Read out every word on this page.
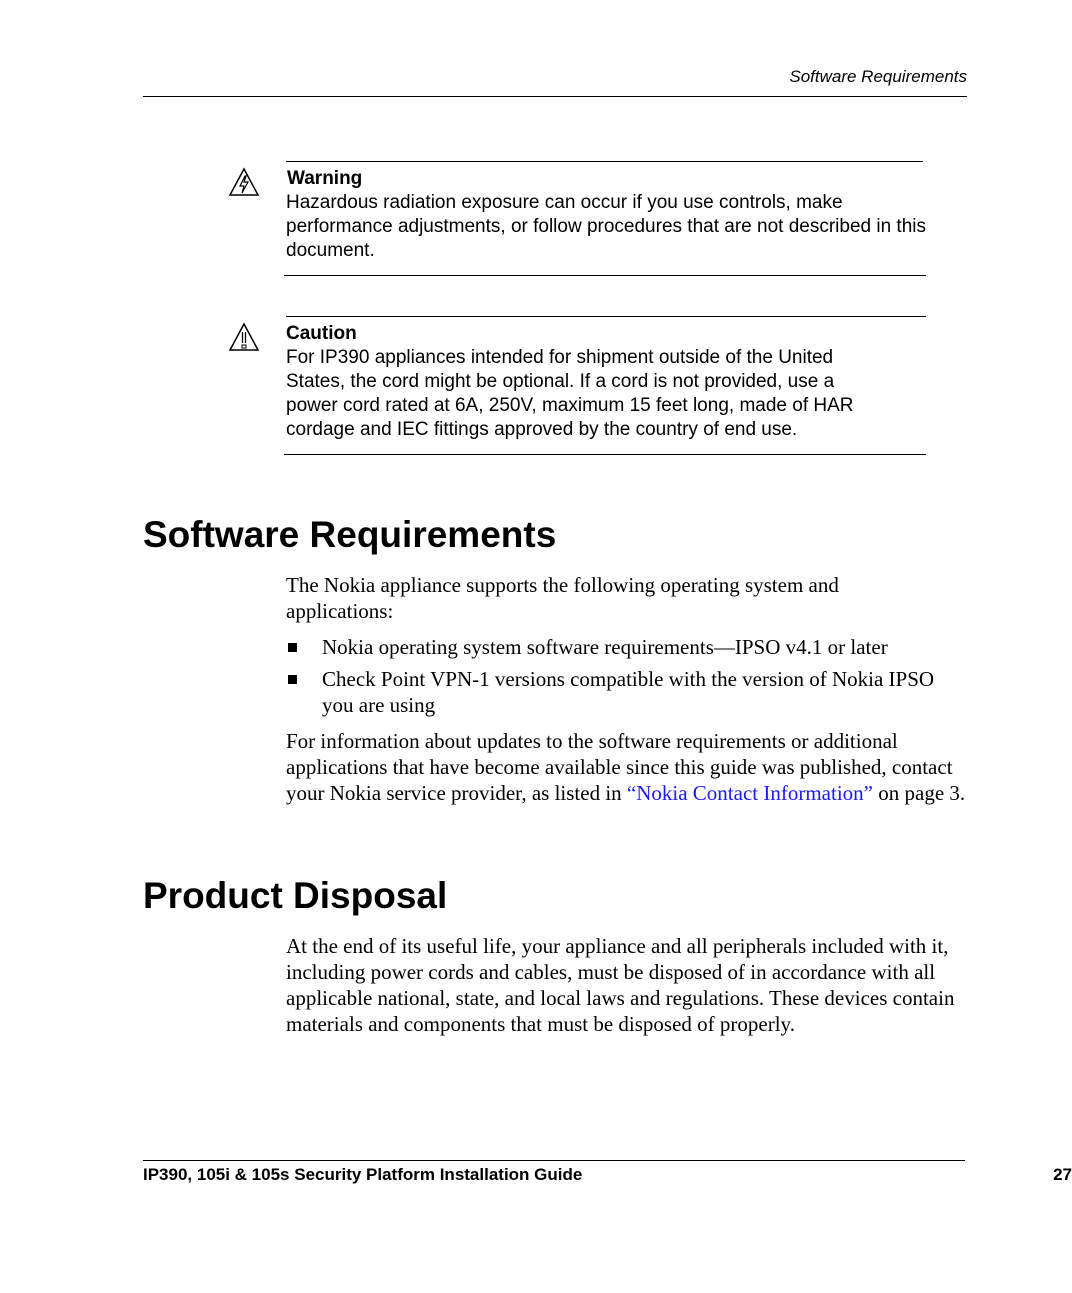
Software Requirements
Warning
Hazardous radiation exposure can occur if you use controls, make performance adjustments, or follow procedures that are not described in this document.
Caution
For IP390 appliances intended for shipment outside of the United States, the cord might be optional. If a cord is not provided, use a power cord rated at 6A, 250V, maximum 15 feet long, made of HAR cordage and IEC fittings approved by the country of end use.
Software Requirements

The Nokia appliance supports the following operating system and applications:

Nokia operating system software requirements—IPSO v4.1 or later
Check Point VPN-1 versions compatible with the version of Nokia IPSO you are using

For information about updates to the software requirements or additional applications that have become available since this guide was published, contact your Nokia service provider, as listed in “Nokia Contact Information” on page 3.

Product Disposal

At the end of its useful life, your appliance and all peripherals included with it, including power cords and cables, must be disposed of in accordance with all applicable national, state, and local laws and regulations. These devices contain materials and components that must be disposed of properly.

IP390, 105i & 105s Security Platform Installation Guide	27
